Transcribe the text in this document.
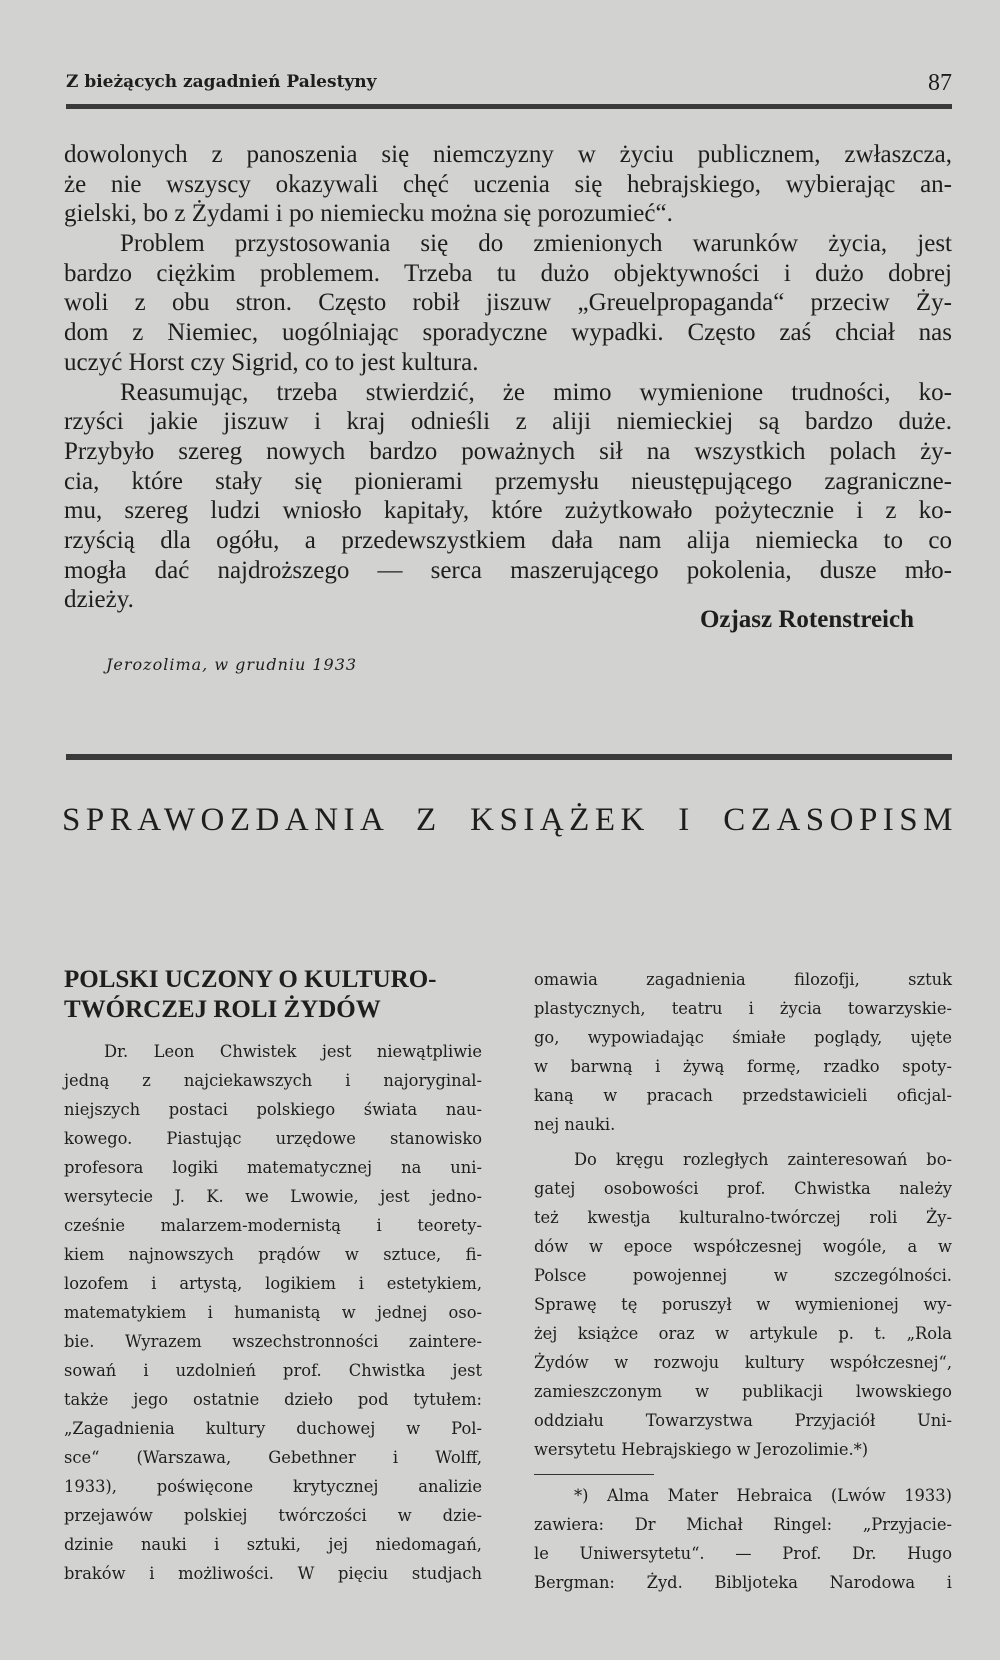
Z bieżących zagadnień Palestyny	87
dowolonych z panoszenia się niemczyzny w życiu publicznem, zwłaszcza,
że nie wszyscy okazywali chęć uczenia się hebrajskiego, wybierając an-
gielski, bo z Żydami i po niemiecku można się porozumieć“.
Problem przystosowania się do zmienionych warunków życia, jest
bardzo ciężkim problemem. Trzeba tu dużo objektywności i dużo dobrej
woli z obu stron. Często robił jiszuw „Greuelpropaganda“ przeciw Ży-
dom z Niemiec, uogólniając sporadyczne wypadki. Często zaś chciał nas
uczyć Horst czy Sigrid, co to jest kultura.
Reasumując, trzeba stwierdzić, że mimo wymienione trudności, ko-
rzyści jakie jiszuw i kraj odnieśli z aliji niemieckiej są bardzo duże.
Przybyło szereg nowych bardzo poważnych sił na wszystkich polach ży-
cia, które stały się pionierami przemysłu nieustępującego zagraniczne-
mu, szereg ludzi wniosło kapitały, które zużytkowało pożytecznie i z ko-
rzyścią dla ogółu, a przedewszystkiem dała nam alija niemiecka to co
mogła dać najdroższego — serca maszerującego pokolenia, dusze mło-
dzieży.
Ozjasz Rotenstreich
Jerozolima, w grudniu 1933
SPRAWOZDANIA Z KSIĄŻEK I CZASOPISM
POLSKI UCZONY O KULTURO-
TWÓRCZEJ ROLI ŻYDÓW
Dr. Leon Chwistek jest niewątpliwie
jedną z najciekawszych i najoryginal-
niejszych postaci polskiego świata nau-
kowego. Piastując urzędowe stanowisko
profesora logiki matematycznej na uni-
wersytecie J. K. we Lwowie, jest jedno-
cześnie malarzem-modernistą i teorety-
kiem najnowszych prądów w sztuce, fi-
lozofem i artystą, logikiem i estetykiem,
matematykiem i humanistą w jednej oso-
bie. Wyrazem wszechstronności zaintere-
sowań i uzdolnień prof. Chwistka jest
także jego ostatnie dzieło pod tytułem:
„Zagadnienia kultury duchowej w Pol-
sce“ (Warszawa, Gebethner i Wolff,
1933), poświęcone krytycznej analizie
przejawów polskiej twórczości w dzie-
dzinie nauki i sztuki, jej niedomagań,
braków i możliwości. W pięciu studjach
omawia zagadnienia filozofji, sztuk
plastycznych, teatru i życia towarzyskie-
go, wypowiadając śmiałe poglądy, ujęte
w barwną i żywą formę, rzadko spoty-
kaną w pracach przedstawicieli oficjal-
nej nauki.
Do kręgu rozległych zainteresowań bo-
gatej osobowości prof. Chwistka należy
też kwestja kulturalno-twórczej roli Ży-
dów w epoce współczesnej wogóle, a w
Polsce powojennej w szczególności.
Sprawę tę poruszył w wymienionej wy-
żej książce oraz w artykule p. t. „Rola
Żydów w rozwoju kultury współczesnej“,
zamieszczonym w publikacji lwowskiego
oddziału Towarzystwa Przyjaciół Uni-
wersytetu Hebrajskiego w Jerozolimie.*)
*) Alma Mater Hebraica (Lwów 1933)
zawiera: Dr Michał Ringel: „Przyjacie-
le Uniwersytetu“. — Prof. Dr. Hugo
Bergman: Żyd. Bibljoteka Narodowa i
